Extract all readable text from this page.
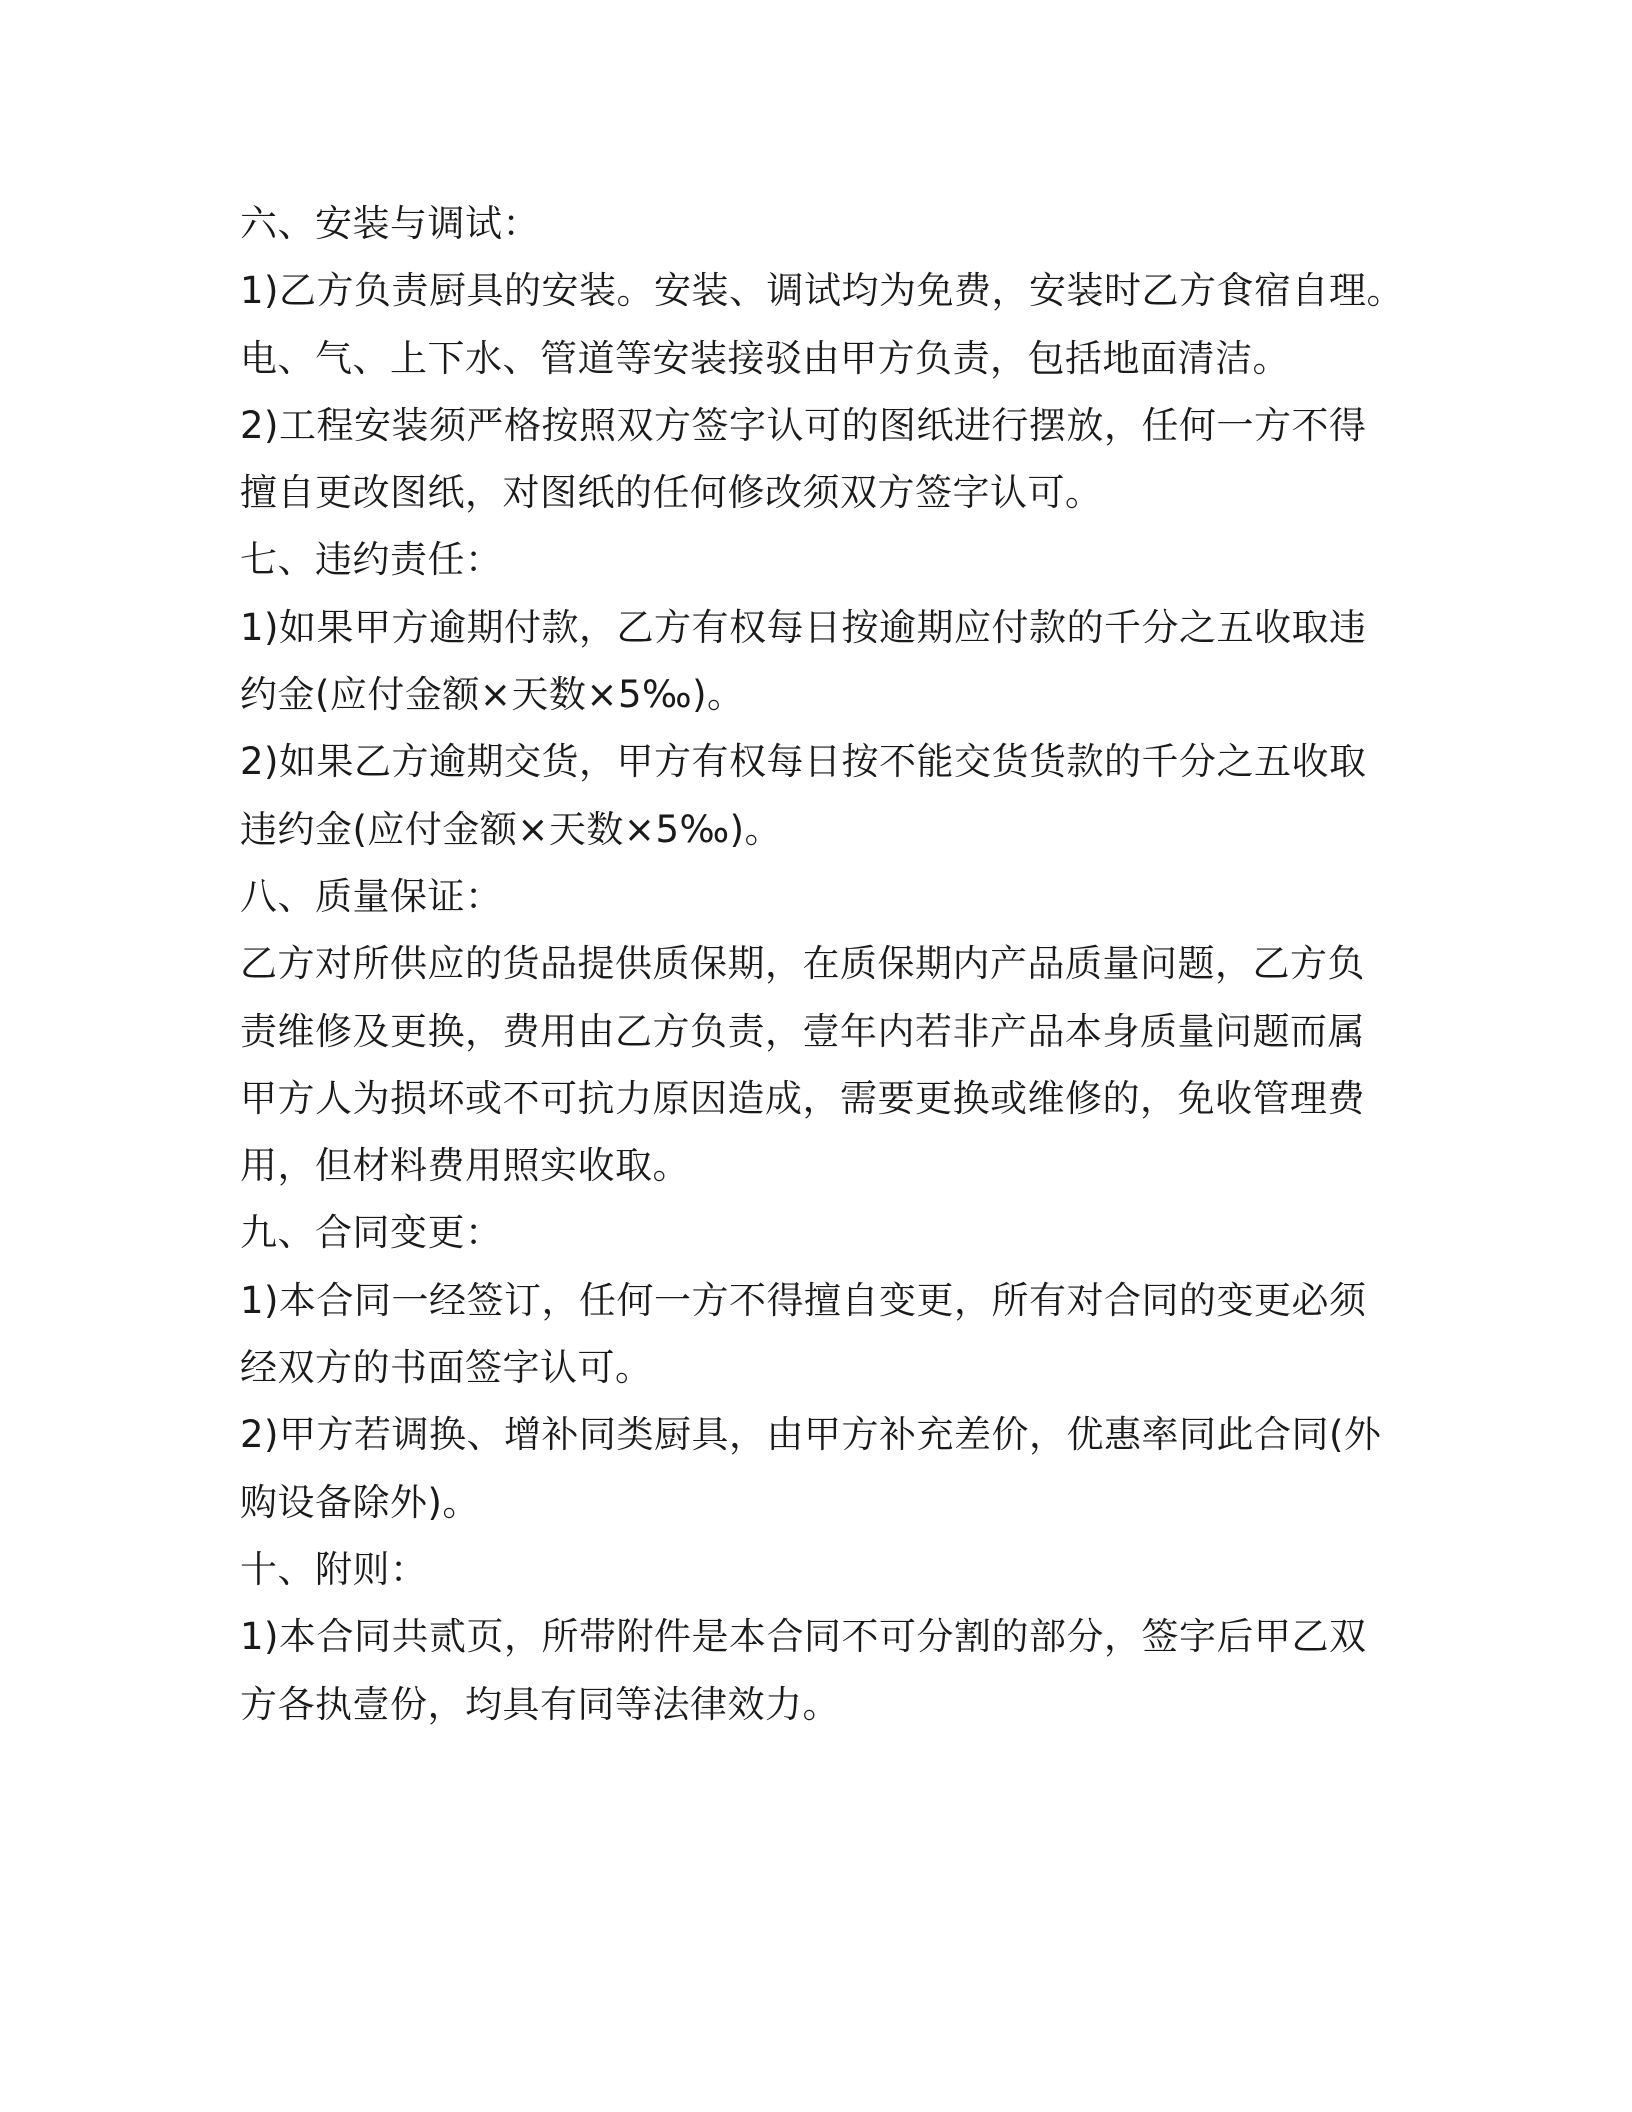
六、安装与调试：
1)乙方负责厨具的安装。安装、调试均为免费，安装时乙方食宿自理。
电、气、上下水、管道等安装接驳由甲方负责，包括地面清洁。
2)工程安装须严格按照双方签字认可的图纸进行摆放，任何一方不得
擅自更改图纸，对图纸的任何修改须双方签字认可。
七、违约责任：
1)如果甲方逾期付款，乙方有权每日按逾期应付款的千分之五收取违
约金(应付金额×天数×5‰)。
2)如果乙方逾期交货，甲方有权每日按不能交货货款的千分之五收取
违约金(应付金额×天数×5‰)。
八、质量保证：
乙方对所供应的货品提供质保期，在质保期内产品质量问题，乙方负
责维修及更换，费用由乙方负责，壹年内若非产品本身质量问题而属
甲方人为损坏或不可抗力原因造成，需要更换或维修的，免收管理费
用，但材料费用照实收取。
九、合同变更：
1)本合同一经签订，任何一方不得擅自变更，所有对合同的变更必须
经双方的书面签字认可。
2)甲方若调换、增补同类厨具，由甲方补充差价，优惠率同此合同(外
购设备除外)。
十、附则：
1)本合同共贰页，所带附件是本合同不可分割的部分，签字后甲乙双
方各执壹份，均具有同等法律效力。
